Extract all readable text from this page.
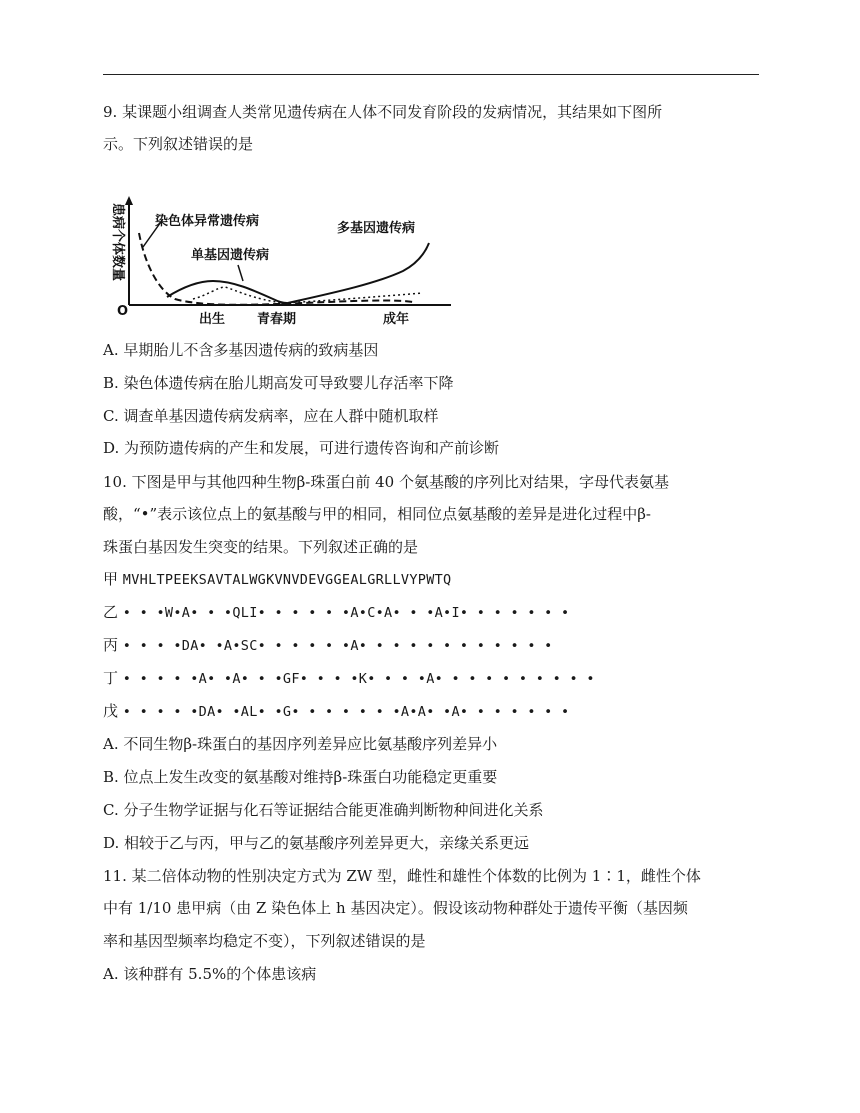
9. 某课题小组调查人类常见遗传病在人体不同发育阶段的发病情况，其结果如下图所
示。下列叙述错误的是
患病个体数量
O
出生 青春期	成年
染色体异常遗传病
单基因遗传病
多基因遗传病
A. 早期胎儿不含多基因遗传病的致病基因
B. 染色体遗传病在胎儿期高发可导致婴儿存活率下降
C. 调查单基因遗传病发病率，应在人群中随机取样
D. 为预防遗传病的产生和发展，可进行遗传咨询和产前诊断
10. 下图是甲与其他四种生物β-珠蛋白前 40 个氨基酸的序列比对结果，字母代表氨基
酸，“•”表示该位点上的氨基酸与甲的相同，相同位点氨基酸的差异是进化过程中β-
珠蛋白基因发生突变的结果。下列叙述正确的是
甲 MVHLTPEEKSAVTALWGKVNVDEVGGEALGRLLVYPWTQ
乙 • • •W•A• • •QLI• • • • • •A•C•A• • •A•I• • • • • • •
丙 • • • •DA• •A•SC• • • • • •A• • • • • • • • • • • •
丁 • • • • •A• •A• • •GF• • • •K• • • •A• • • • • • • • • •
戊 • • • • •DA• •AL• •G• • • • • • •A•A• •A• • • • • • •
A. 不同生物β-珠蛋白的基因序列差异应比氨基酸序列差异小
B. 位点上发生改变的氨基酸对维持β-珠蛋白功能稳定更重要
C. 分子生物学证据与化石等证据结合能更准确判断物种间进化关系
D. 相较于乙与丙，甲与乙的氨基酸序列差异更大，亲缘关系更远
11. 某二倍体动物的性别决定方式为 ZW 型，雌性和雄性个体数的比例为 1∶1，雌性个体
中有 1/10 患甲病（由 Z 染色体上 h 基因决定）。假设该动物种群处于遗传平衡（基因频
率和基因型频率均稳定不变），下列叙述错误的是
A. 该种群有 5.5%的个体患该病
